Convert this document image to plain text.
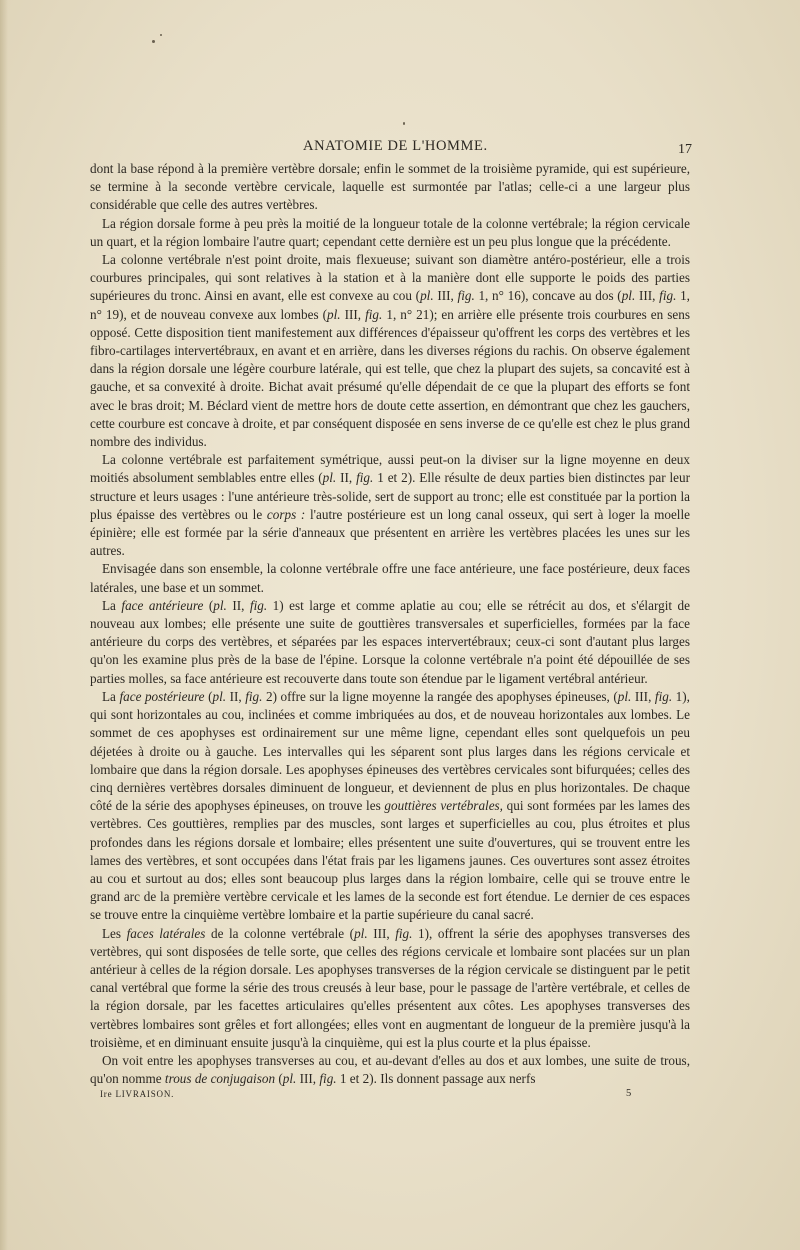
ANATOMIE DE L'HOMME.	17

dont la base répond à la première vertèbre dorsale; enfin le sommet de la troisième pyramide, qui est supérieure, se termine à la seconde vertèbre cervicale, laquelle est surmontée par l'atlas; celle-ci a une largeur plus considérable que celle des autres vertèbres.

La région dorsale forme à peu près la moitié de la longueur totale de la colonne vertébrale; la région cervicale un quart, et la région lombaire l'autre quart; cependant cette dernière est un peu plus longue que la précédente.

La colonne vertébrale n'est point droite, mais flexueuse; suivant son diamètre antéro-postérieur, elle a trois courbures principales, qui sont relatives à la station et à la manière dont elle supporte le poids des parties supérieures du tronc. Ainsi en avant, elle est convexe au cou (pl. III, fig. 1, n° 16), concave au dos (pl. III, fig. 1, n° 19), et de nouveau convexe aux lombes (pl. III, fig. 1, n° 21); en arrière elle présente trois courbures en sens opposé. Cette disposition tient manifestement aux différences d'épaisseur qu'offrent les corps des vertèbres et les fibro-cartilages intervertébraux, en avant et en arrière, dans les diverses régions du rachis. On observe également dans la région dorsale une légère courbure latérale, qui est telle, que chez la plupart des sujets, sa concavité est à gauche, et sa convexité à droite. Bichat avait présumé qu'elle dépendait de ce que la plupart des efforts se font avec le bras droit; M. Béclard vient de mettre hors de doute cette assertion, en démontrant que chez les gauchers, cette courbure est concave à droite, et par conséquent disposée en sens inverse de ce qu'elle est chez le plus grand nombre des individus.

La colonne vertébrale est parfaitement symétrique, aussi peut-on la diviser sur la ligne moyenne en deux moitiés absolument semblables entre elles (pl. II, fig. 1 et 2). Elle résulte de deux parties bien distinctes par leur structure et leurs usages : l'une antérieure très-solide, sert de support au tronc; elle est constituée par la portion la plus épaisse des vertèbres ou le corps : l'autre postérieure est un long canal osseux, qui sert à loger la moelle épinière; elle est formée par la série d'anneaux que présentent en arrière les vertèbres placées les unes sur les autres.

Envisagée dans son ensemble, la colonne vertébrale offre une face antérieure, une face postérieure, deux faces latérales, une base et un sommet.

La face antérieure (pl. II, fig. 1) est large et comme aplatie au cou; elle se rétrécit au dos, et s'élargit de nouveau aux lombes; elle présente une suite de gouttières transversales et superficielles, formées par la face antérieure du corps des vertèbres, et séparées par les espaces intervertébraux; ceux-ci sont d'autant plus larges qu'on les examine plus près de la base de l'épine. Lorsque la colonne vertébrale n'a point été dépouillée de ses parties molles, sa face antérieure est recouverte dans toute son étendue par le ligament vertébral antérieur.

La face postérieure (pl. II, fig. 2) offre sur la ligne moyenne la rangée des apophyses épineuses, (pl. III, fig. 1), qui sont horizontales au cou, inclinées et comme imbriquées au dos, et de nouveau horizontales aux lombes. Le sommet de ces apophyses est ordinairement sur une même ligne, cependant elles sont quelquefois un peu déjetées à droite ou à gauche. Les intervalles qui les séparent sont plus larges dans les régions cervicale et lombaire que dans la région dorsale. Les apophyses épineuses des vertèbres cervicales sont bifurquées; celles des cinq dernières vertèbres dorsales diminuent de longueur, et deviennent de plus en plus horizontales. De chaque côté de la série des apophyses épineuses, on trouve les gouttières vertébrales, qui sont formées par les lames des vertèbres. Ces gouttières, remplies par des muscles, sont larges et superficielles au cou, plus étroites et plus profondes dans les régions dorsale et lombaire; elles présentent une suite d'ouvertures, qui se trouvent entre les lames des vertèbres, et sont occupées dans l'état frais par les ligamens jaunes. Ces ouvertures sont assez étroites au cou et surtout au dos; elles sont beaucoup plus larges dans la région lombaire, celle qui se trouve entre le grand arc de la première vertèbre cervicale et les lames de la seconde est fort étendue. Le dernier de ces espaces se trouve entre la cinquième vertèbre lombaire et la partie supérieure du canal sacré.

Les faces latérales de la colonne vertébrale (pl. III, fig. 1), offrent la série des apophyses transverses des vertèbres, qui sont disposées de telle sorte, que celles des régions cervicale et lombaire sont placées sur un plan antérieur à celles de la région dorsale. Les apophyses transverses de la région cervicale se distinguent par le petit canal vertébral que forme la série des trous creusés à leur base, pour le passage de l'artère vertébrale, et celles de la région dorsale, par les facettes articulaires qu'elles présentent aux côtes. Les apophyses transverses des vertèbres lombaires sont grêles et fort allongées; elles vont en augmentant de longueur de la première jusqu'à la troisième, et en diminuant ensuite jusqu'à la cinquième, qui est la plus courte et la plus épaisse.

On voit entre les apophyses transverses au cou, et au-devant d'elles au dos et aux lombes, une suite de trous, qu'on nomme trous de conjugaison (pl. III, fig. 1 et 2). Ils donnent passage aux nerfs

Ire LIVRAISON.	5
